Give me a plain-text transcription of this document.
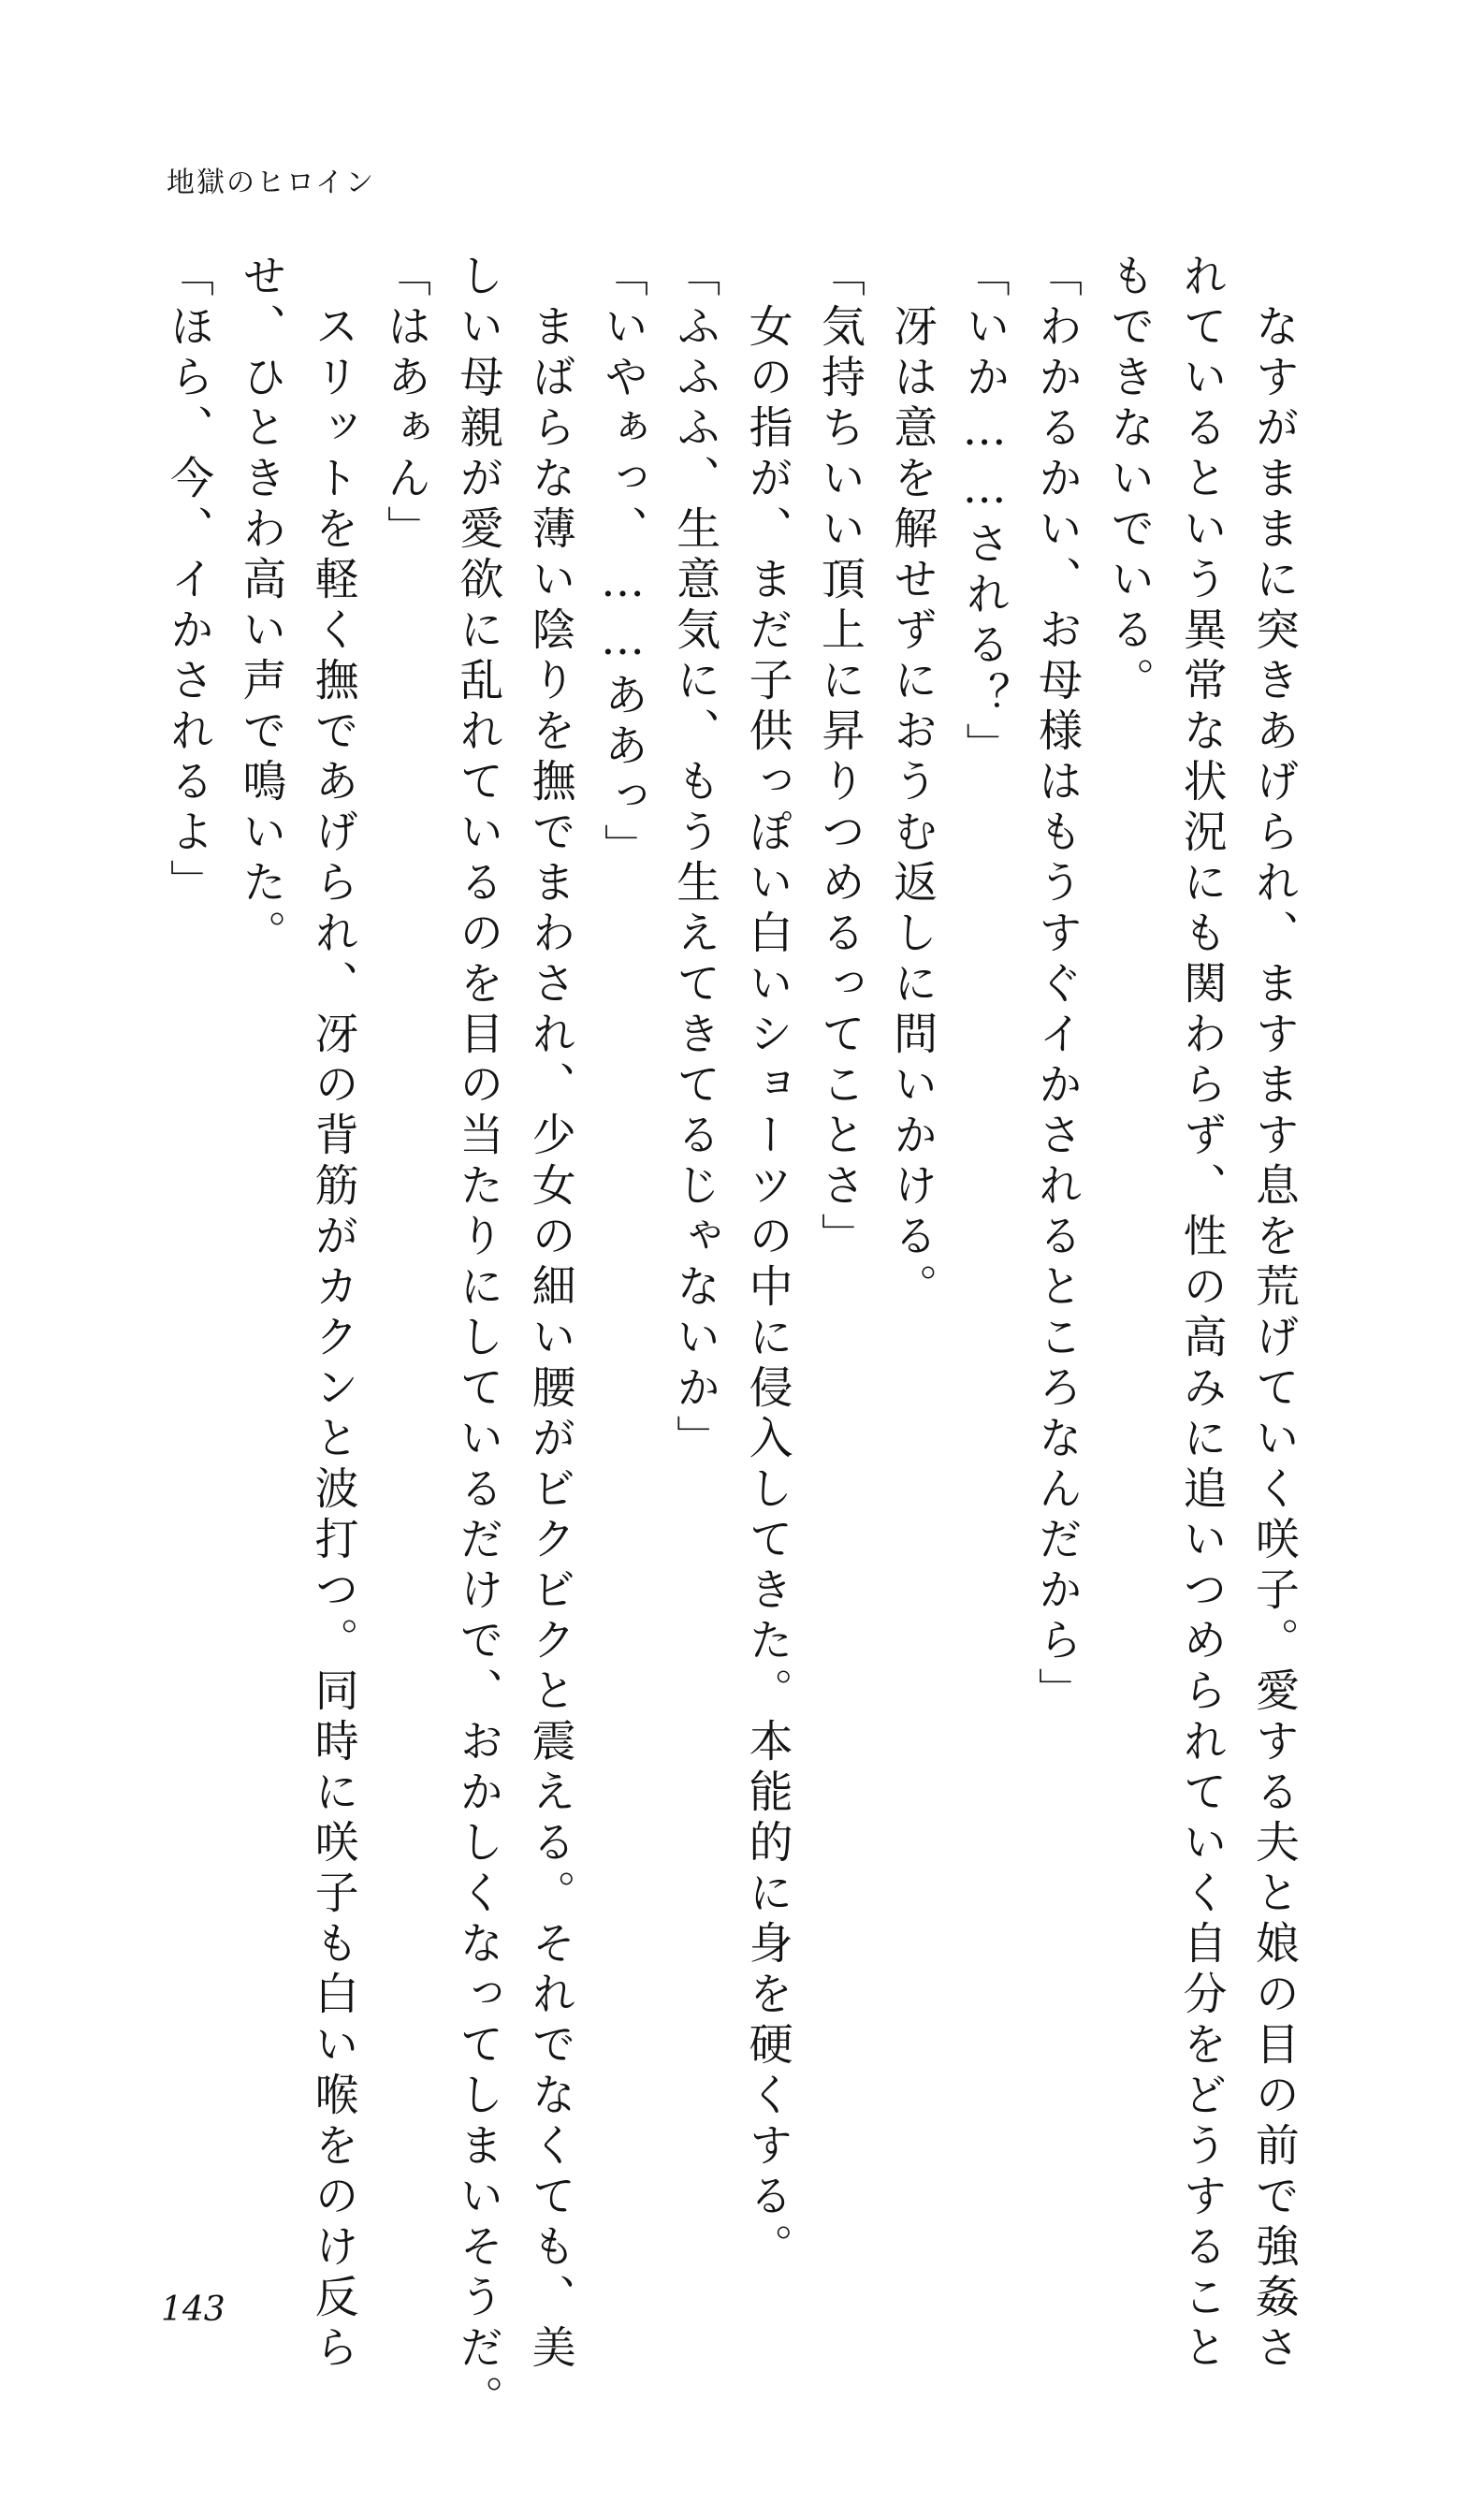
地獄のヒロイン
　なすがままに突きあげられ、ますます息を荒げていく咲子。愛する夫と娘の目の前で強姦さ
れているという異常な状況にも関わらず、性の高みに追いつめられていく自分をどうすること
もできないでいる。
「わかるかい、お母様はもうすぐイかされるところなんだから」
「いか……される？」
　冴は意を解せずにおうむ返しに問いかける。
「気持ちいい頂上に昇りつめるってことさ」
　女の指が、まだ子供っぽい白いショーツの中に侵入してきた。本能的に身を硬くする。
「ふふふ、生意気に、もう生えてきてるじゃないか」
「いやぁっ、……ああっ」
　まばらな薄い陰りを撫でまわされ、少女の細い腰がビクビクと震える。それでなくても、美
しい母親が愛欲に乱れているのを目の当たりにしているだけで、おかしくなってしまいそうだ。
「はあぁん」
　スリットを軽く撫であげられ、冴の背筋がカクンと波打つ。同時に咲子も白い喉をのけ反ら
せ、ひときわ高い声で鳴いた。
「ほら、今、イかされるよ」
143
